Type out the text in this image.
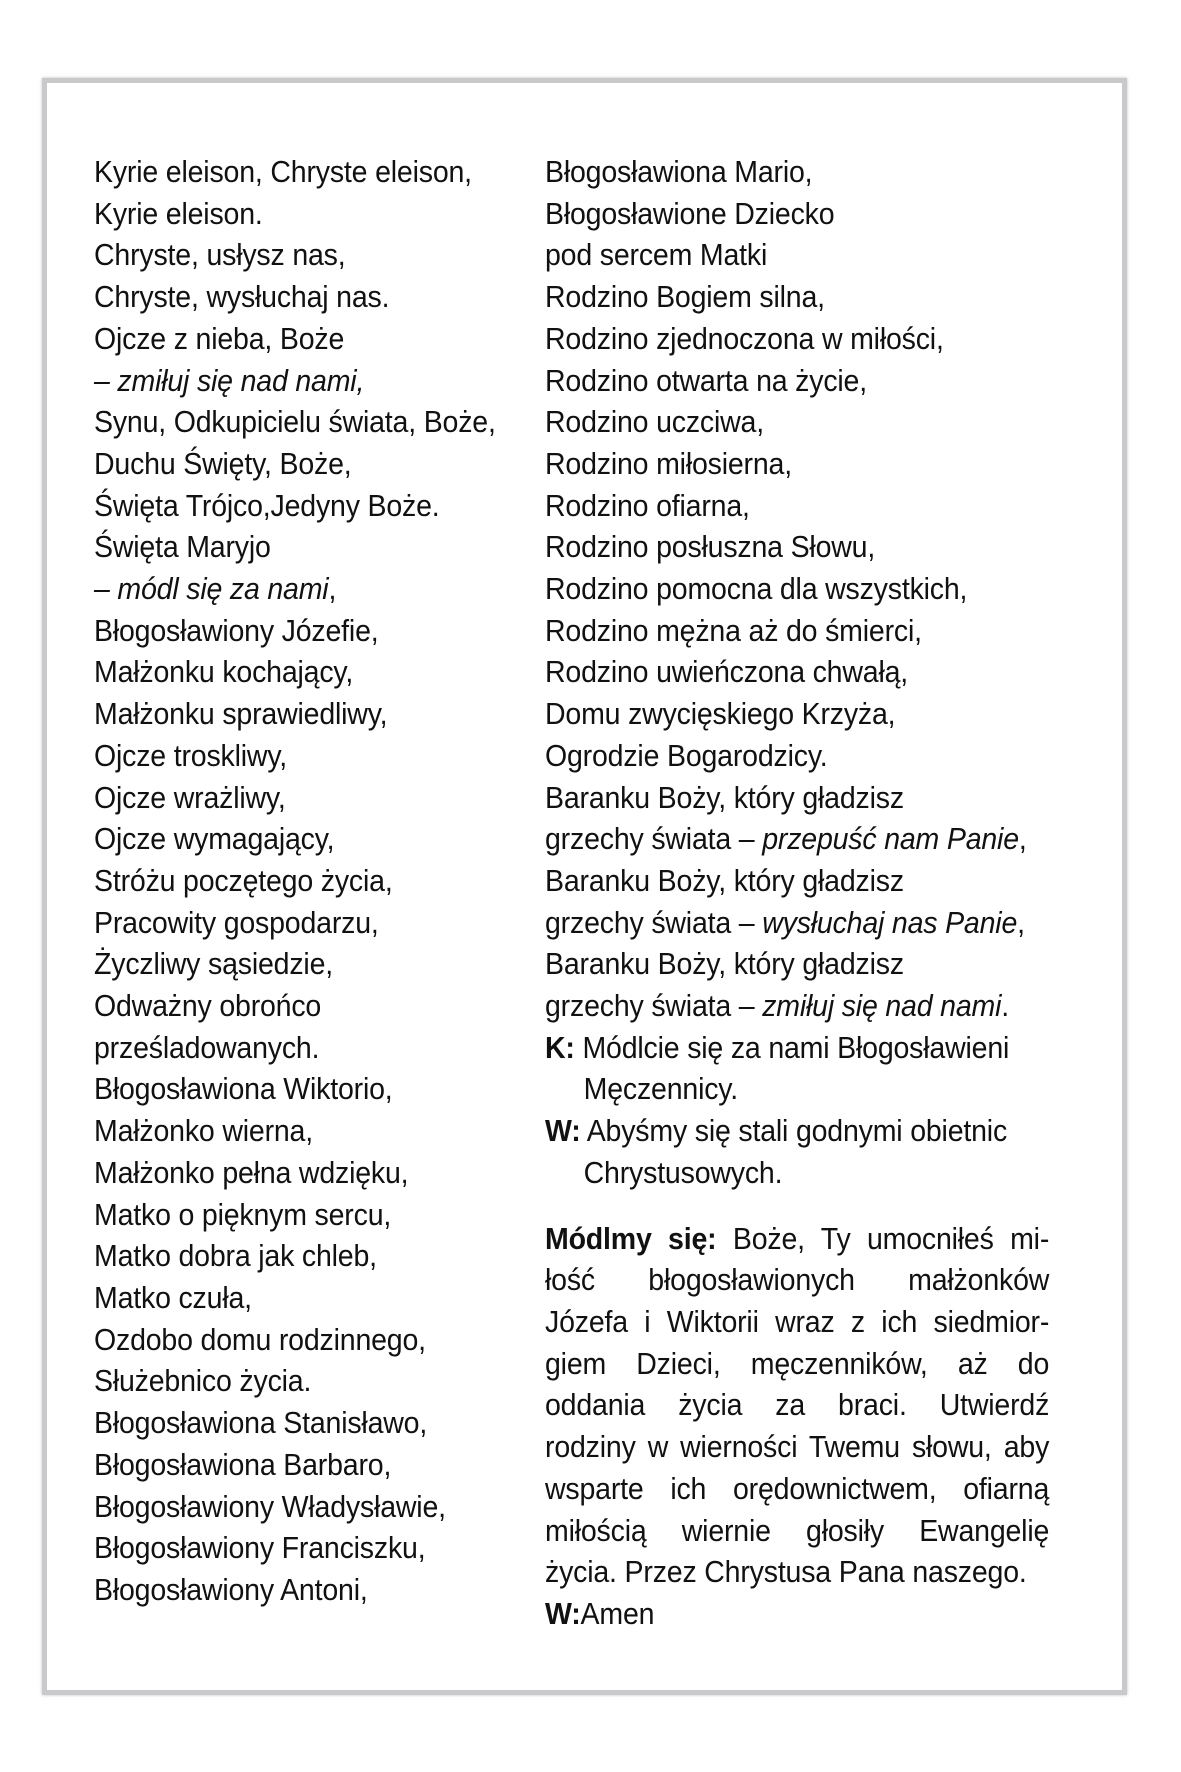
Kyrie eleison, Chryste eleison,
Kyrie eleison.
Chryste, usłysz nas,
Chryste, wysłuchaj nas.
Ojcze z nieba, Boże
– zmiłuj się nad nami,
Synu, Odkupicielu świata, Boże,
Duchu Święty, Boże,
Święta Trójco,Jedyny Boże.
Święta Maryjo
– módl się za nami,
Błogosławiony Józefie,
Małżonku kochający,
Małżonku sprawiedliwy,
Ojcze troskliwy,
Ojcze wrażliwy,
Ojcze wymagający,
Stróżu poczętego życia,
Pracowity gospodarzu,
Życzliwy sąsiedzie,
Odważny obrońco
prześladowanych.
Błogosławiona Wiktorio,
Małżonko wierna,
Małżonko pełna wdzięku,
Matko o pięknym sercu,
Matko dobra jak chleb,
Matko czuła,
Ozdobo domu rodzinnego,
Służebnico życia.
Błogosławiona Stanisławo,
Błogosławiona Barbaro,
Błogosławiony Władysławie,
Błogosławiony Franciszku,
Błogosławiony Antoni,
Błogosławiona Mario,
Błogosławione Dziecko
pod sercem Matki
Rodzino Bogiem silna,
Rodzino zjednoczona w miłości,
Rodzino otwarta na życie,
Rodzino uczciwa,
Rodzino miłosierna,
Rodzino ofiarna,
Rodzino posłuszna Słowu,
Rodzino pomocna dla wszystkich,
Rodzino mężna aż do śmierci,
Rodzino uwieńczona chwałą,
Domu zwycięskiego Krzyża,
Ogrodzie Bogarodzicy.
Baranku Boży, który gładzisz
grzechy świata – przepuść nam Panie,
Baranku Boży, który gładzisz
grzechy świata – wysłuchaj nas Panie,
Baranku Boży, który gładzisz
grzechy świata – zmiłuj się nad nami.
K: Módlcie się za nami Błogosławieni
Męczennicy.
W: Abyśmy się stali godnymi obietnic
Chrystusowych.
Módlmy się: Boże, Ty umocniłeś mi-
łość błogosławionych małżonków
Józefa i Wiktorii wraz z ich siedmior-
giem Dzieci, męczenników, aż do
oddania życia za braci. Utwierdź
rodziny w wierności Twemu słowu, aby
wsparte ich orędownictwem, ofiarną
miłością wiernie głosiły Ewangelię
życia. Przez Chrystusa Pana naszego.
W:Amen
